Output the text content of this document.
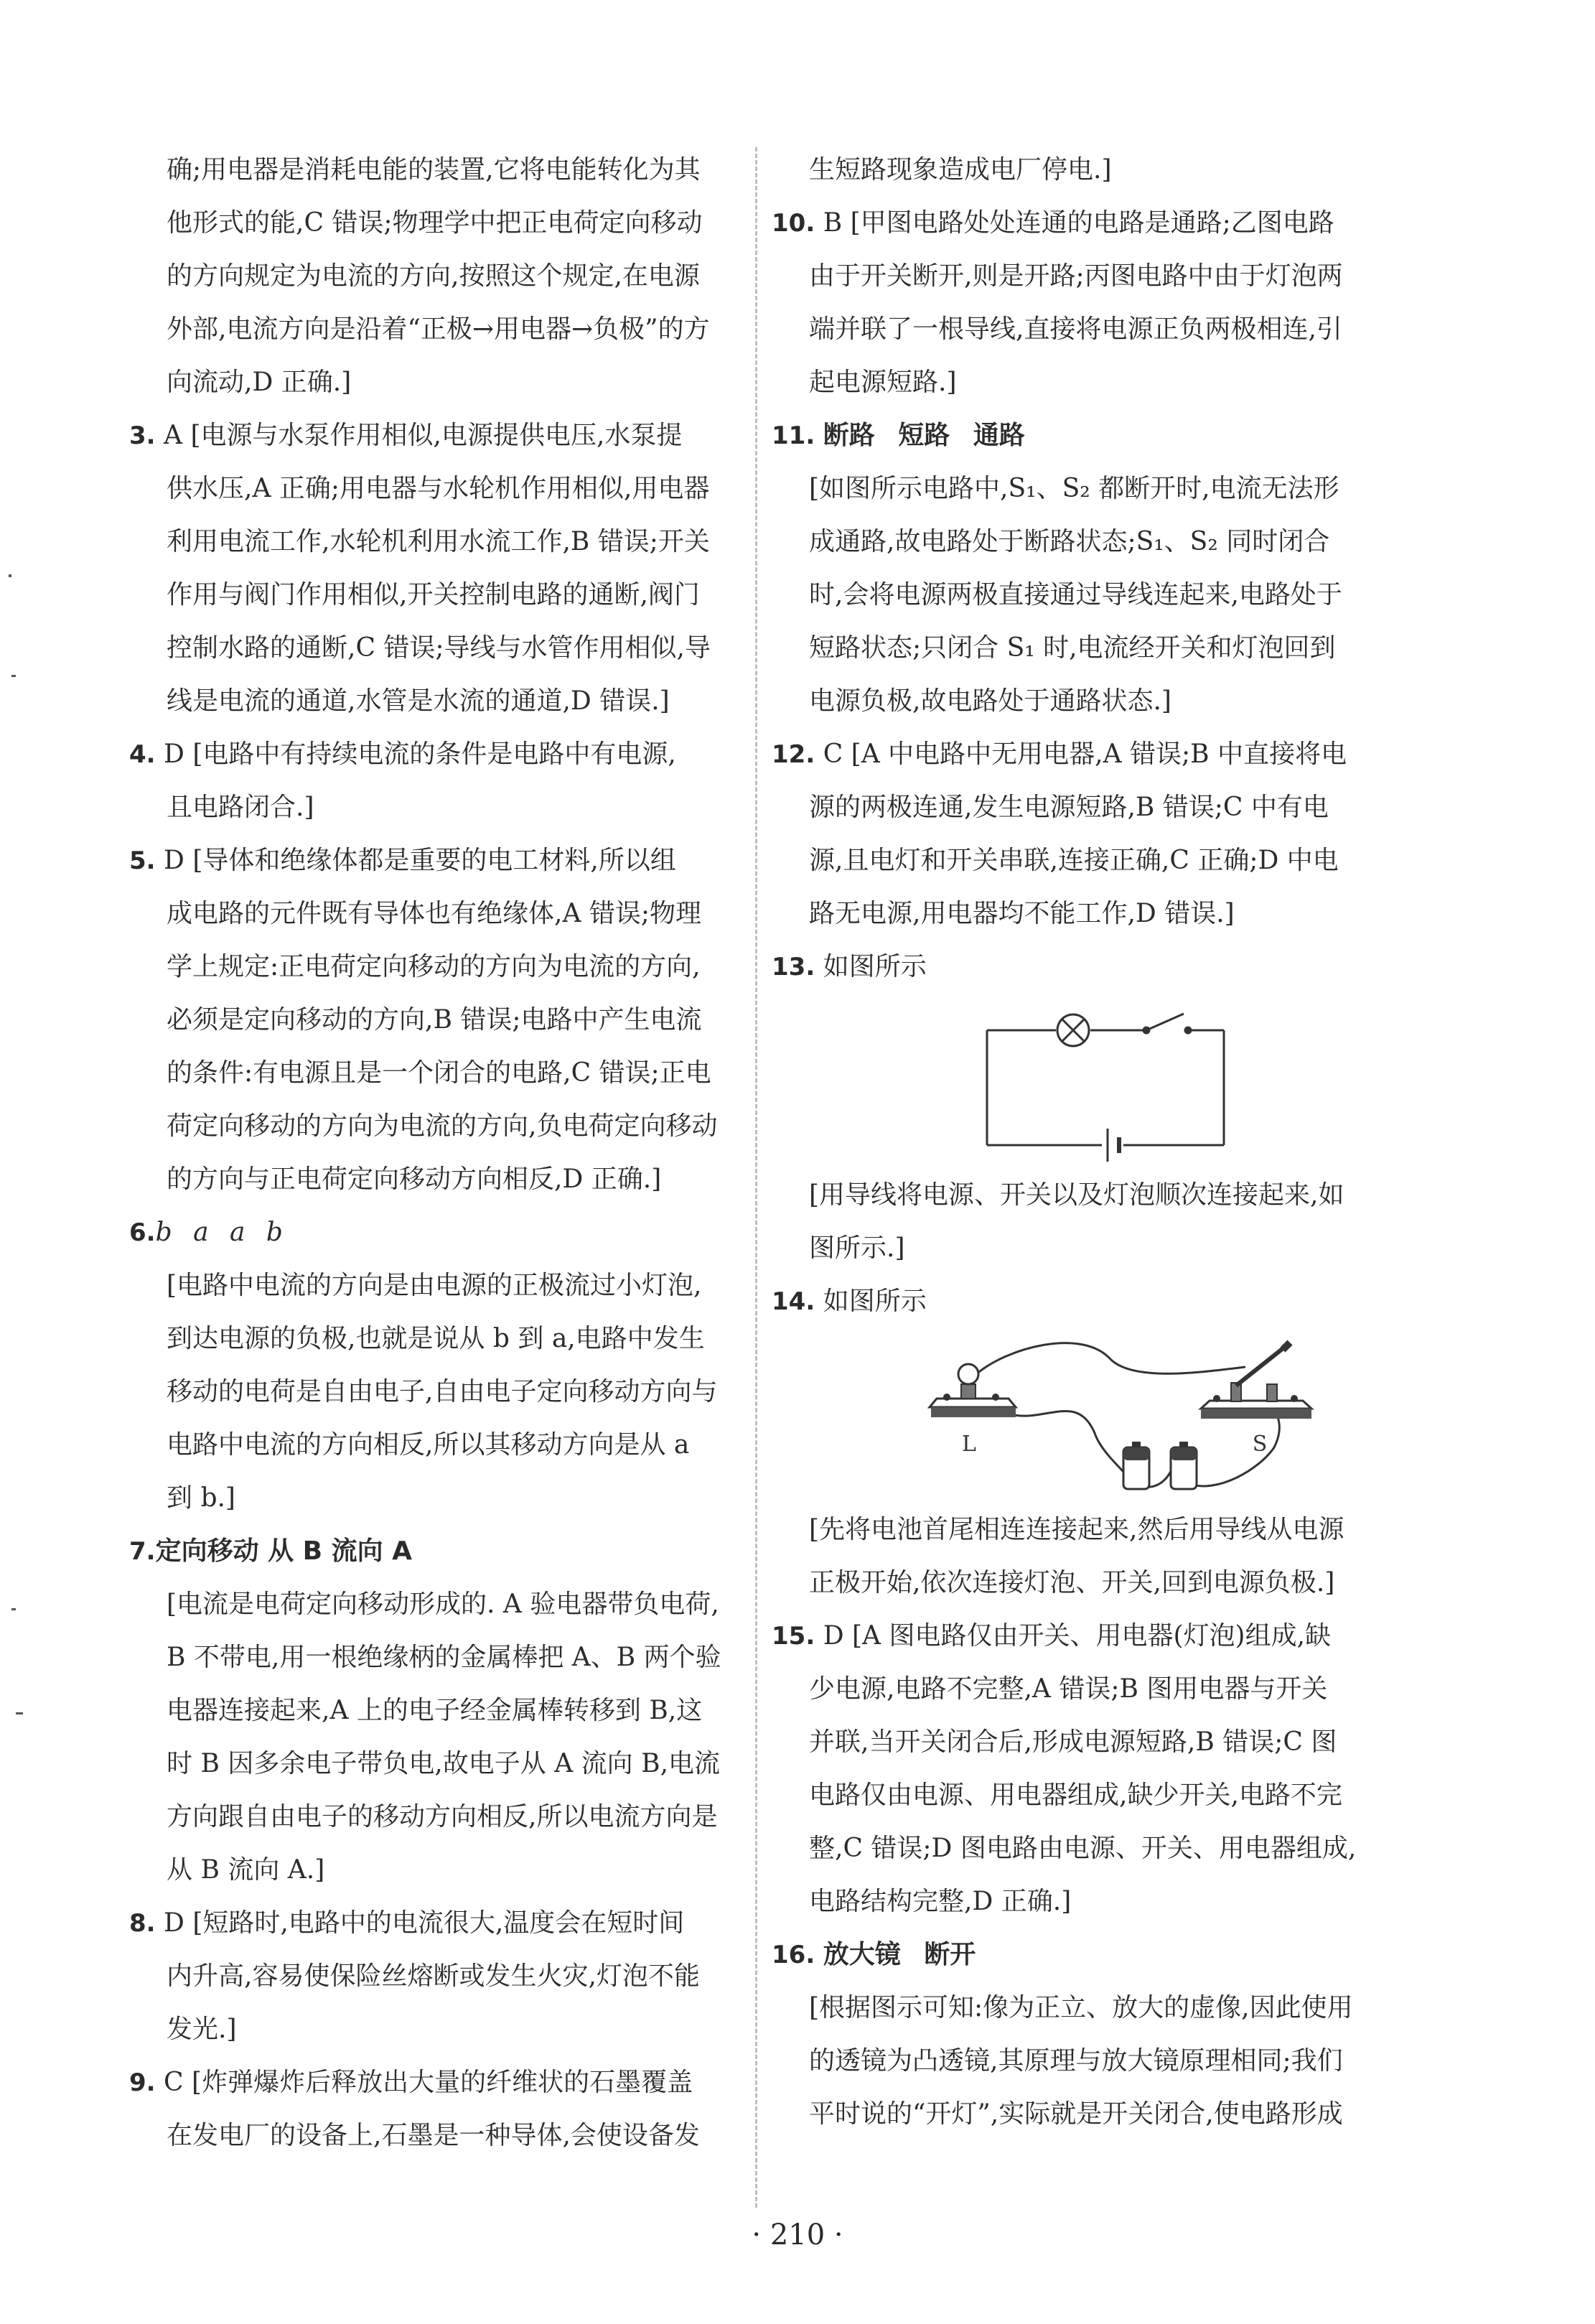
确;用电器是消耗电能的装置,它将电能转化为其
他形式的能,C 错误;物理学中把正电荷定向移动
的方向规定为电流的方向,按照这个规定,在电源
外部,电流方向是沿着“正极→用电器→负极”的方
向流动,D 正确.]
3. A [电源与水泵作用相似,电源提供电压,水泵提
供水压,A 正确;用电器与水轮机作用相似,用电器
利用电流工作,水轮机利用水流工作,B 错误;开关
作用与阀门作用相似,开关控制电路的通断,阀门
控制水路的通断,C 错误;导线与水管作用相似,导
线是电流的通道,水管是水流的通道,D 错误.]
4. D [电路中有持续电流的条件是电路中有电源,
且电路闭合.]
5. D [导体和绝缘体都是重要的电工材料,所以组
成电路的元件既有导体也有绝缘体,A 错误;物理
学上规定:正电荷定向移动的方向为电流的方向,
必须是定向移动的方向,B 错误;电路中产生电流
的条件:有电源且是一个闭合的电路,C 错误;正电
荷定向移动的方向为电流的方向,负电荷定向移动
的方向与正电荷定向移动方向相反,D 正确.]
6.b a a b
[电路中电流的方向是由电源的正极流过小灯泡,
到达电源的负极,也就是说从 b 到 a,电路中发生
移动的电荷是自由电子,自由电子定向移动方向与
电路中电流的方向相反,所以其移动方向是从 a
到 b.]
7.定向移动 从 B 流向 A
[电流是电荷定向移动形成的. A 验电器带负电荷,
B 不带电,用一根绝缘柄的金属棒把 A、B 两个验
电器连接起来,A 上的电子经金属棒转移到 B,这
时 B 因多余电子带负电,故电子从 A 流向 B,电流
方向跟自由电子的移动方向相反,所以电流方向是
从 B 流向 A.]
8. D [短路时,电路中的电流很大,温度会在短时间
内升高,容易使保险丝熔断或发生火灾,灯泡不能
发光.]
9. C [炸弹爆炸后释放出大量的纤维状的石墨覆盖
在发电厂的设备上,石墨是一种导体,会使设备发
生短路现象造成电厂停电.]
10. B [甲图电路处处连通的电路是通路;乙图电路
由于开关断开,则是开路;丙图电路中由于灯泡两
端并联了一根导线,直接将电源正负两极相连,引
起电源短路.]
11. 断路 短路 通路
[如图所示电路中,S₁、S₂ 都断开时,电流无法形
成通路,故电路处于断路状态;S₁、S₂ 同时闭合
时,会将电源两极直接通过导线连起来,电路处于
短路状态;只闭合 S₁ 时,电流经开关和灯泡回到
电源负极,故电路处于通路状态.]
12. C [A 中电路中无用电器,A 错误;B 中直接将电
源的两极连通,发生电源短路,B 错误;C 中有电
源,且电灯和开关串联,连接正确,C 正确;D 中电
路无电源,用电器均不能工作,D 错误.]
13. 如图所示
[用导线将电源、开关以及灯泡顺次连接起来,如
图所示.]
14. 如图所示
L	S
[先将电池首尾相连连接起来,然后用导线从电源
正极开始,依次连接灯泡、开关,回到电源负极.]
15. D [A 图电路仅由开关、用电器(灯泡)组成,缺
少电源,电路不完整,A 错误;B 图用电器与开关
并联,当开关闭合后,形成电源短路,B 错误;C 图
电路仅由电源、用电器组成,缺少开关,电路不完
整,C 错误;D 图电路由电源、开关、用电器组成,
电路结构完整,D 正确.]
16. 放大镜 断开
[根据图示可知:像为正立、放大的虚像,因此使用
的透镜为凸透镜,其原理与放大镜原理相同;我们
平时说的“开灯”,实际就是开关闭合,使电路形成
· 210 ·
